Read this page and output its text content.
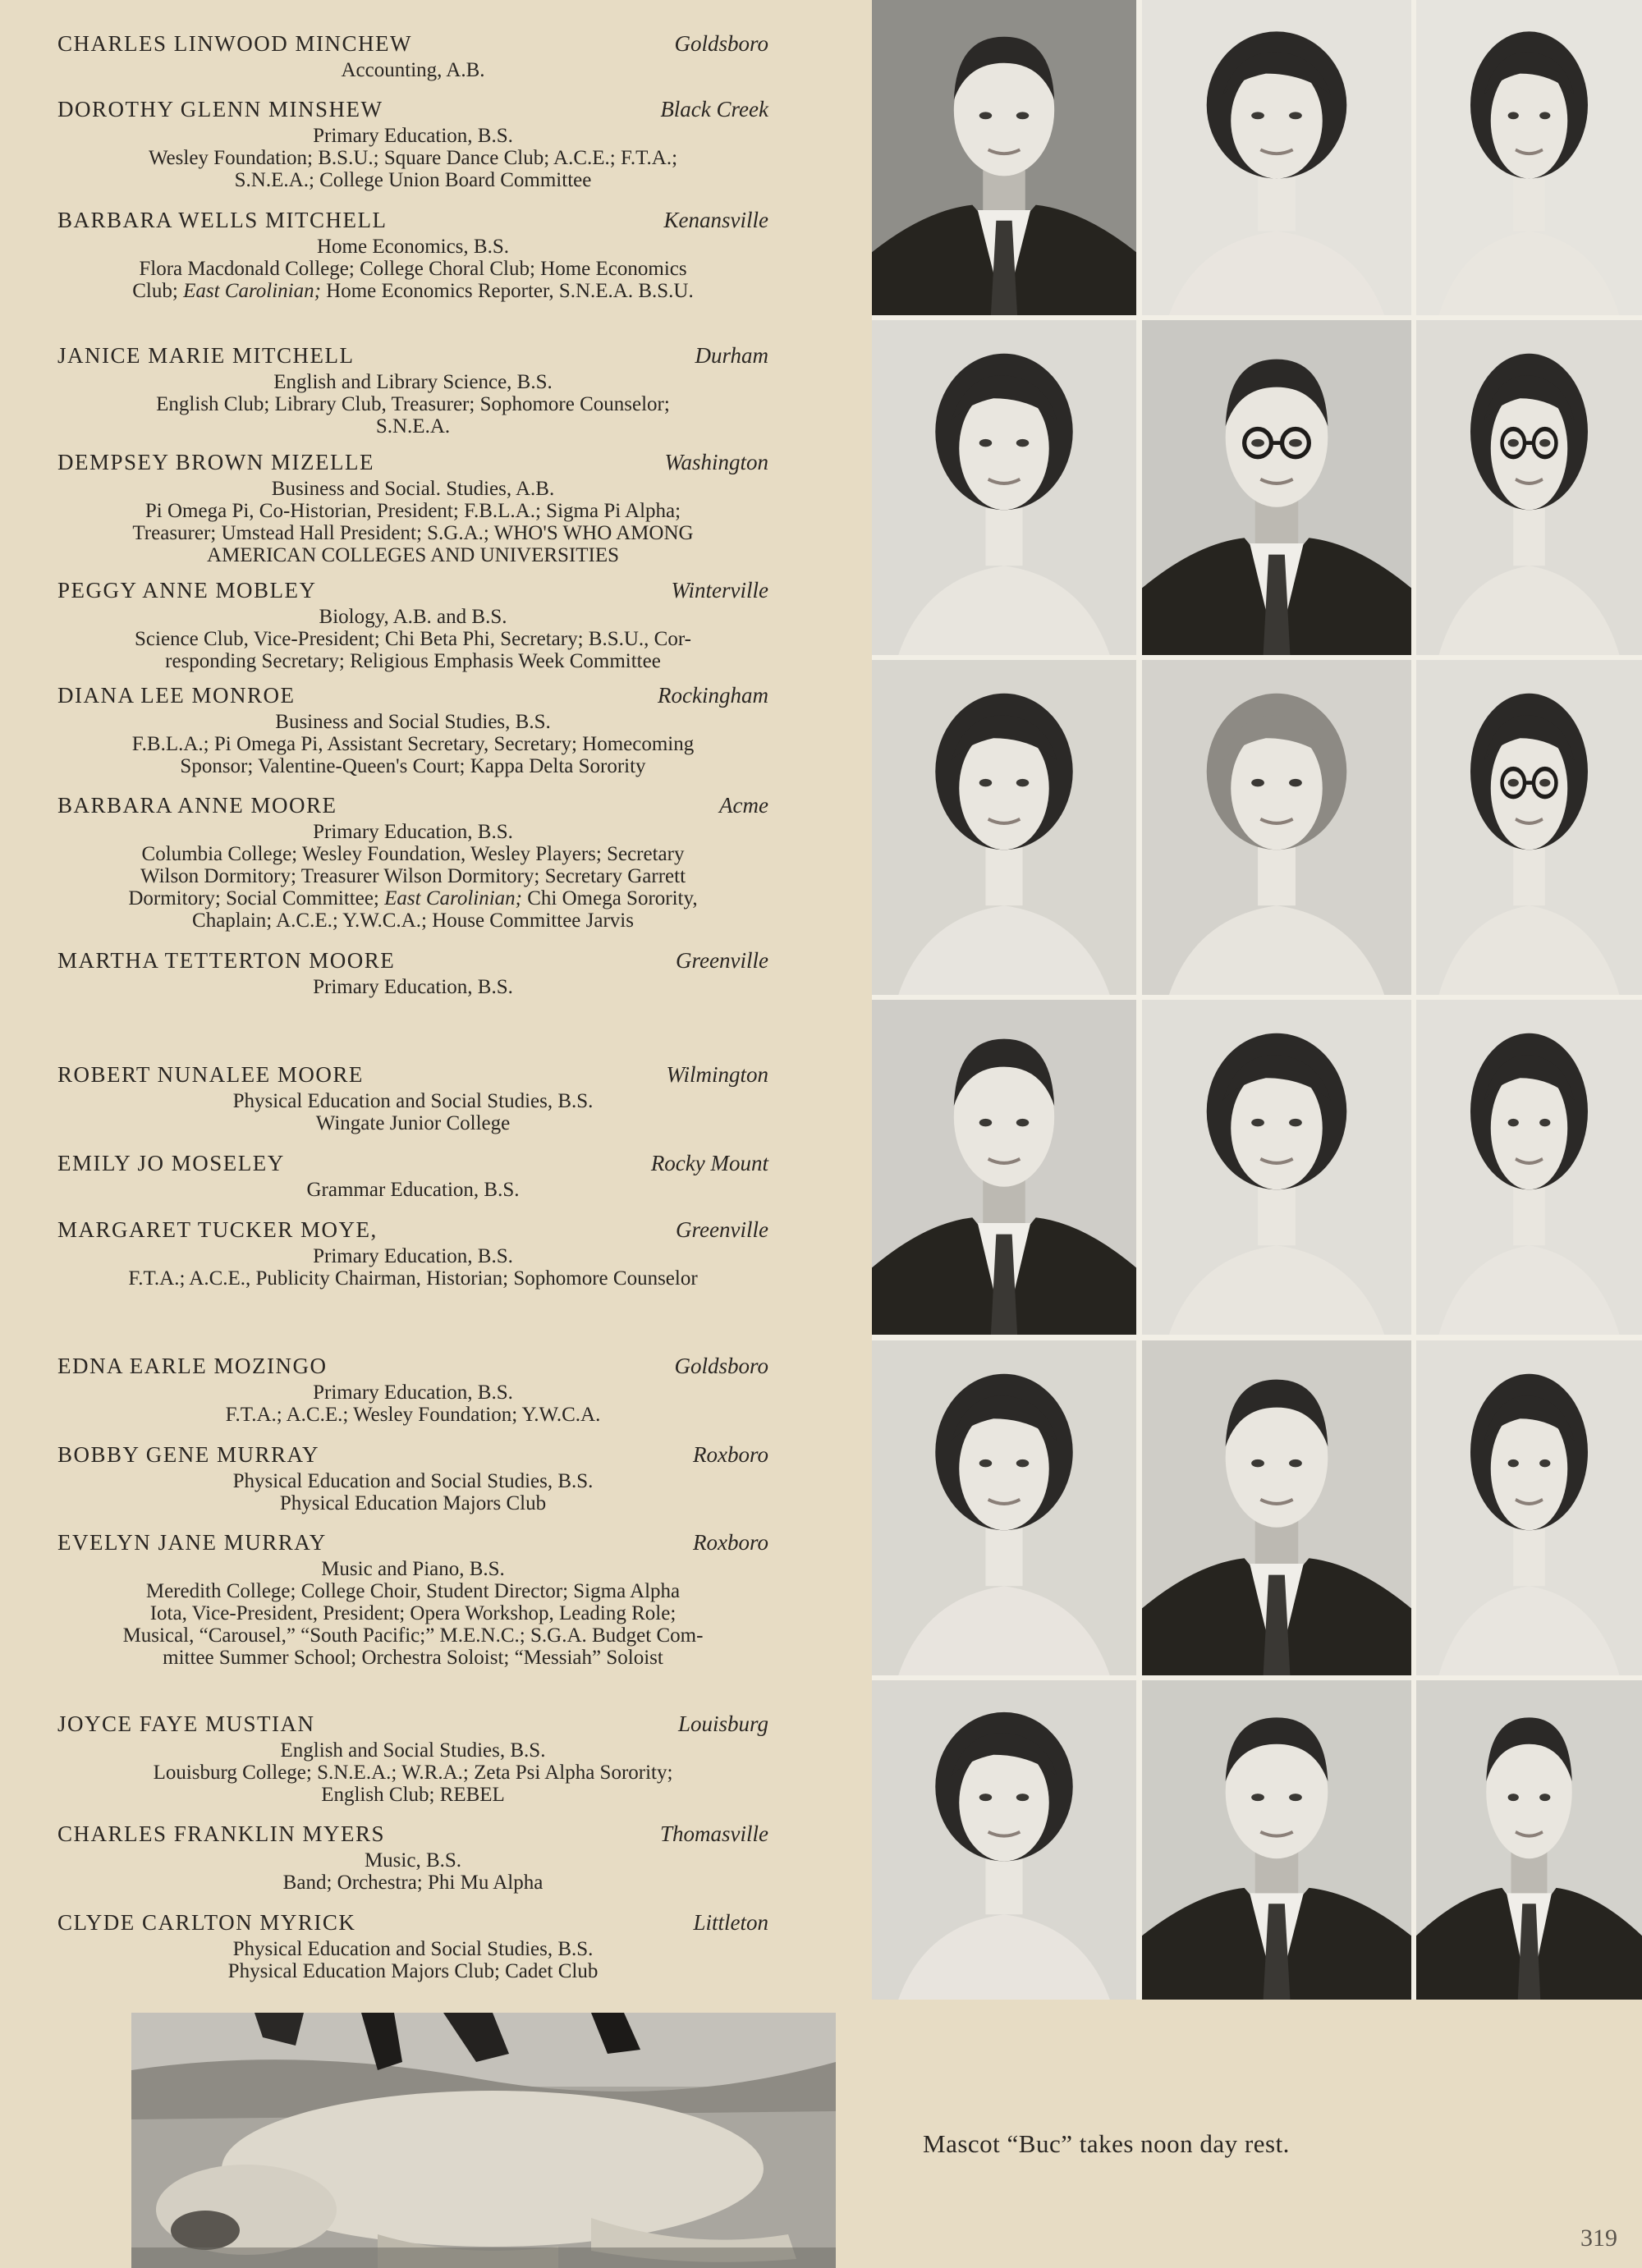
CHARLES LINWOOD MINCHEW	Goldsboro
Accounting, A.B.
DOROTHY GLENN MINSHEW	Black Creek
Primary Education, B.S.
Wesley Foundation; B.S.U.; Square Dance Club; A.C.E.; F.T.A.;
S.N.E.A.; College Union Board Committee
BARBARA WELLS MITCHELL	Kenansville
Home Economics, B.S.
Flora Macdonald College; College Choral Club; Home Economics
Club; East Carolinian; Home Economics Reporter, S.N.E.A. B.S.U.
JANICE MARIE MITCHELL	Durham
English and Library Science, B.S.
English Club; Library Club, Treasurer; Sophomore Counselor;
S.N.E.A.
DEMPSEY BROWN MIZELLE	Washington
Business and Social. Studies, A.B.
Pi Omega Pi, Co-Historian, President; F.B.L.A.; Sigma Pi Alpha;
Treasurer; Umstead Hall President; S.G.A.; WHO'S WHO AMONG
AMERICAN COLLEGES AND UNIVERSITIES
PEGGY ANNE MOBLEY	Winterville
Biology, A.B. and B.S.
Science Club, Vice-President; Chi Beta Phi, Secretary; B.S.U., Cor-
responding Secretary; Religious Emphasis Week Committee
DIANA LEE MONROE	Rockingham
Business and Social Studies, B.S.
F.B.L.A.; Pi Omega Pi, Assistant Secretary, Secretary; Homecoming
Sponsor; Valentine-Queen's Court; Kappa Delta Sorority
BARBARA ANNE MOORE	Acme
Primary Education, B.S.
Columbia College; Wesley Foundation, Wesley Players; Secretary
Wilson Dormitory; Treasurer Wilson Dormitory; Secretary Garrett
Dormitory; Social Committee; East Carolinian; Chi Omega Sorority,
Chaplain; A.C.E.; Y.W.C.A.; House Committee Jarvis
MARTHA TETTERTON MOORE	Greenville
Primary Education, B.S.
ROBERT NUNALEE MOORE	Wilmington
Physical Education and Social Studies, B.S.
Wingate Junior College
EMILY JO MOSELEY	Rocky Mount
Grammar Education, B.S.
MARGARET TUCKER MOYE,	Greenville
Primary Education, B.S.
F.T.A.; A.C.E., Publicity Chairman, Historian; Sophomore Counselor
EDNA EARLE MOZINGO	Goldsboro
Primary Education, B.S.
F.T.A.; A.C.E.; Wesley Foundation; Y.W.C.A.
BOBBY GENE MURRAY	Roxboro
Physical Education and Social Studies, B.S.
Physical Education Majors Club
EVELYN JANE MURRAY	Roxboro
Music and Piano, B.S.
Meredith College; College Choir, Student Director; Sigma Alpha
Iota, Vice-President, President; Opera Workshop, Leading Role;
Musical, “Carousel,” “South Pacific;” M.E.N.C.; S.G.A. Budget Com-
mittee Summer School; Orchestra Soloist; “Messiah” Soloist
JOYCE FAYE MUSTIAN	Louisburg
English and Social Studies, B.S.
Louisburg College; S.N.E.A.; W.R.A.; Zeta Psi Alpha Sorority;
English Club; REBEL
CHARLES FRANKLIN MYERS	Thomasville
Music, B.S.
Band; Orchestra; Phi Mu Alpha
CLYDE CARLTON MYRICK	Littleton
Physical Education and Social Studies, B.S.
Physical Education Majors Club; Cadet Club
Mascot “Buc” takes noon day rest.
319
